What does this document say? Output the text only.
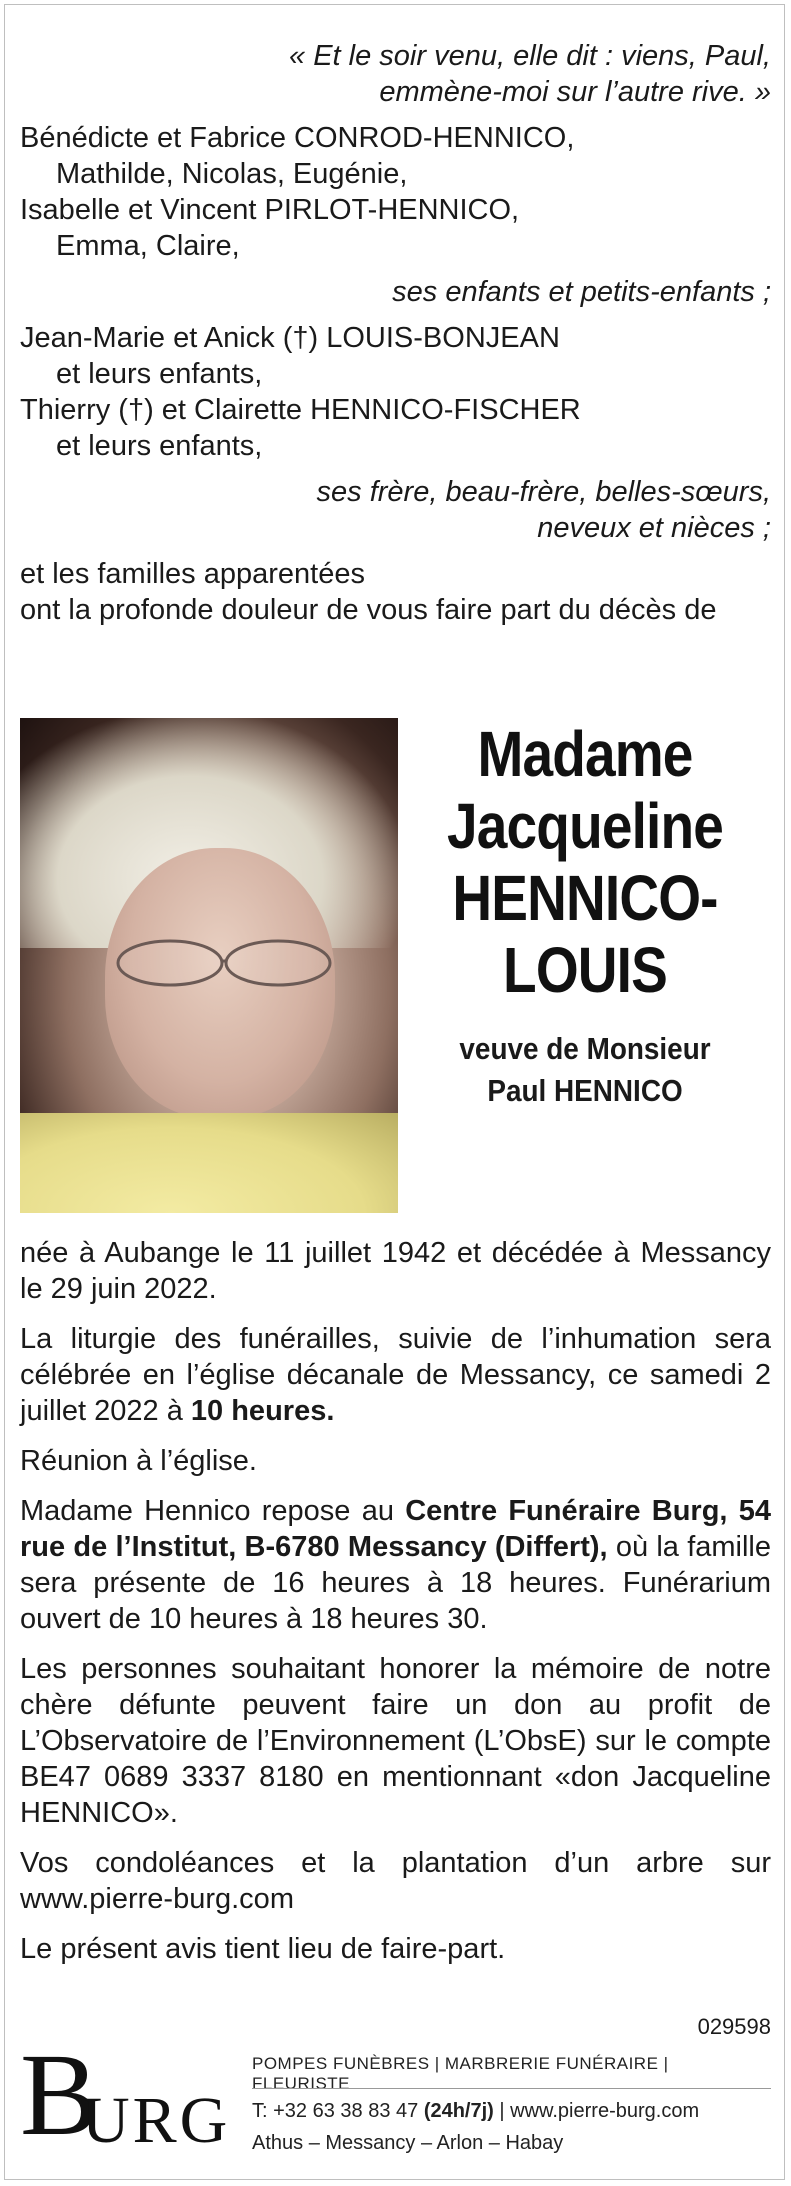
« Et le soir venu, elle dit : viens, Paul,
emmène-moi sur l’autre rive. »
Bénédicte et Fabrice CONROD-HENNICO,
Mathilde, Nicolas, Eugénie,
Isabelle et Vincent PIRLOT-HENNICO,
Emma, Claire,
ses enfants et petits-enfants ;
Jean-Marie et Anick (†) LOUIS-BONJEAN
et leurs enfants,
Thierry (†) et Clairette HENNICO-FISCHER
et leurs enfants,
ses frère, beau-frère, belles-sœurs,
neveux et nièces ;
et les familles apparentées
ont la profonde douleur de vous faire part du décès de
Madame
Jacqueline
HENNICO-
LOUIS
veuve de Monsieur
Paul HENNICO
née à Aubange le 11 juillet 1942 et décédée à Messancy le 29 juin 2022.
La liturgie des funérailles, suivie de l’inhumation sera célébrée en l’église décanale de Messancy, ce samedi 2 juillet 2022 à 10 heures.
Réunion à l’église.
Madame Hennico repose au Centre Funéraire Burg, 54 rue de l’Institut, B-6780 Messancy (Differt), où la famille sera présente de 16 heures à 18 heures. Funérarium ouvert de 10 heures à 18 heures 30.
Les personnes souhaitant honorer la mémoire de notre chère défunte peuvent faire un don au profit de L’Observatoire de l’Environnement (L’ObsE) sur le compte BE47 0689 3337 8180 en mentionnant «don Jacqueline HENNICO».
Vos condoléances et la plantation d’un arbre sur www.pierre-burg.com
Le présent avis tient lieu de faire-part.
029598
B
URG
POMPES FUNÈBRES | MARBRERIE FUNÉRAIRE | FLEURISTE
T: +32 63 38 83 47 (24h/7j) | www.pierre-burg.com
Athus – Messancy – Arlon – Habay
